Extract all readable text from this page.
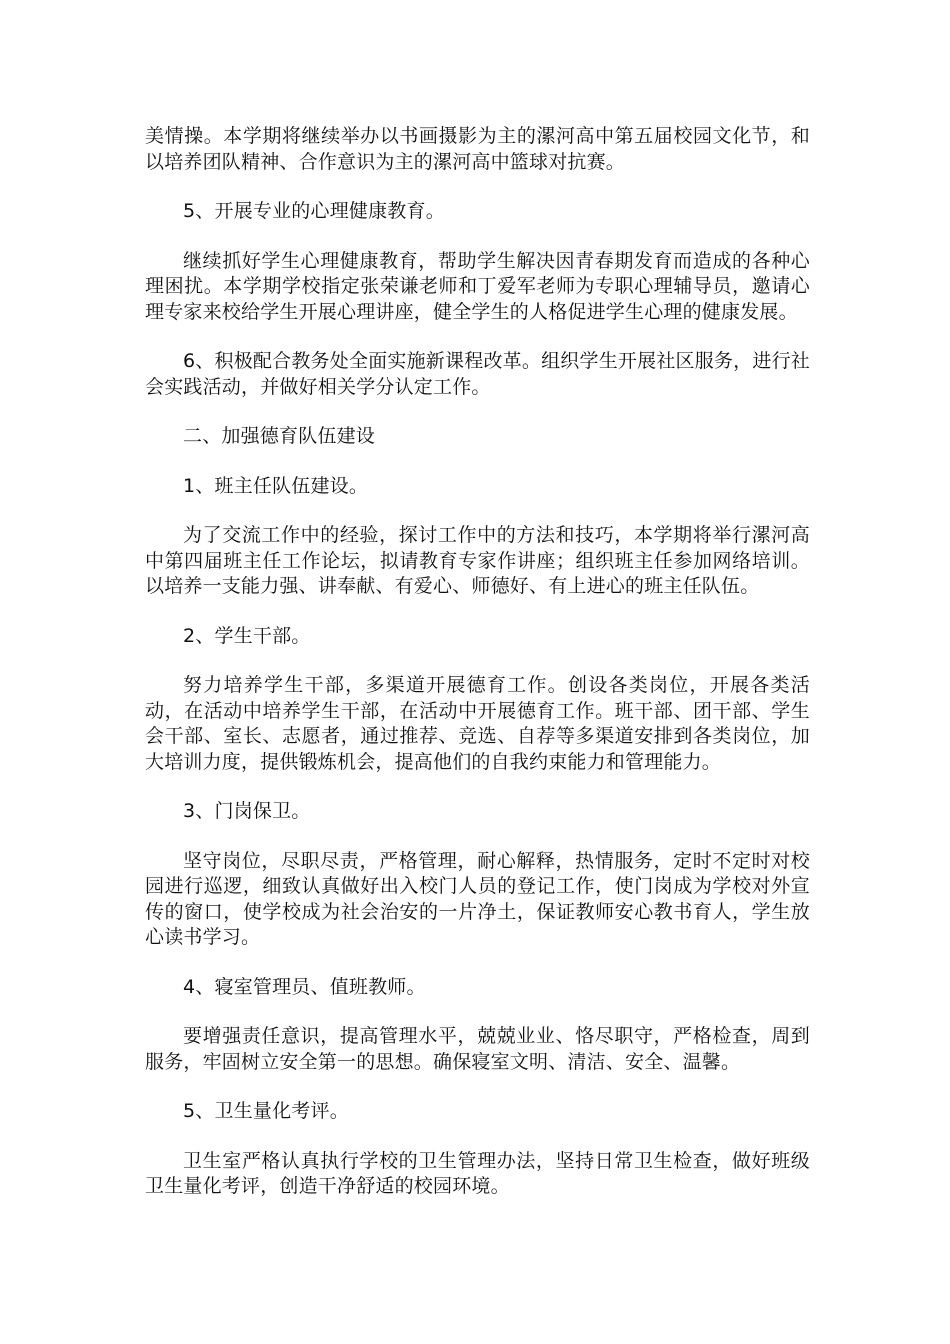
美情操。本学期将继续举办以书画摄影为主的漯河高中第五届校园文化节，和以培养团队精神、合作意识为主的漯河高中篮球对抗赛。

5、开展专业的心理健康教育。

继续抓好学生心理健康教育，帮助学生解决因青春期发育而造成的各种心理困扰。本学期学校指定张荣谦老师和丁爱军老师为专职心理辅导员，邀请心理专家来校给学生开展心理讲座，健全学生的人格促进学生心理的健康发展。

6、积极配合教务处全面实施新课程改革。组织学生开展社区服务，进行社会实践活动，并做好相关学分认定工作。

二、加强德育队伍建设

1、班主任队伍建设。

为了交流工作中的经验，探讨工作中的方法和技巧，本学期将举行漯河高中第四届班主任工作论坛，拟请教育专家作讲座；组织班主任参加网络培训。以培养一支能力强、讲奉献、有爱心、师德好、有上进心的班主任队伍。

2、学生干部。

努力培养学生干部，多渠道开展德育工作。创设各类岗位，开展各类活动，在活动中培养学生干部，在活动中开展德育工作。班干部、团干部、学生会干部、室长、志愿者，通过推荐、竞选、自荐等多渠道安排到各类岗位，加大培训力度，提供锻炼机会，提高他们的自我约束能力和管理能力。

3、门岗保卫。

坚守岗位，尽职尽责，严格管理，耐心解释，热情服务，定时不定时对校园进行巡逻，细致认真做好出入校门人员的登记工作，使门岗成为学校对外宣传的窗口，使学校成为社会治安的一片净土，保证教师安心教书育人，学生放心读书学习。

4、寝室管理员、值班教师。

要增强责任意识，提高管理水平，兢兢业业、恪尽职守，严格检查，周到服务，牢固树立安全第一的思想。确保寝室文明、清洁、安全、温馨。

5、卫生量化考评。

卫生室严格认真执行学校的卫生管理办法，坚持日常卫生检查，做好班级卫生量化考评，创造干净舒适的校园环境。
